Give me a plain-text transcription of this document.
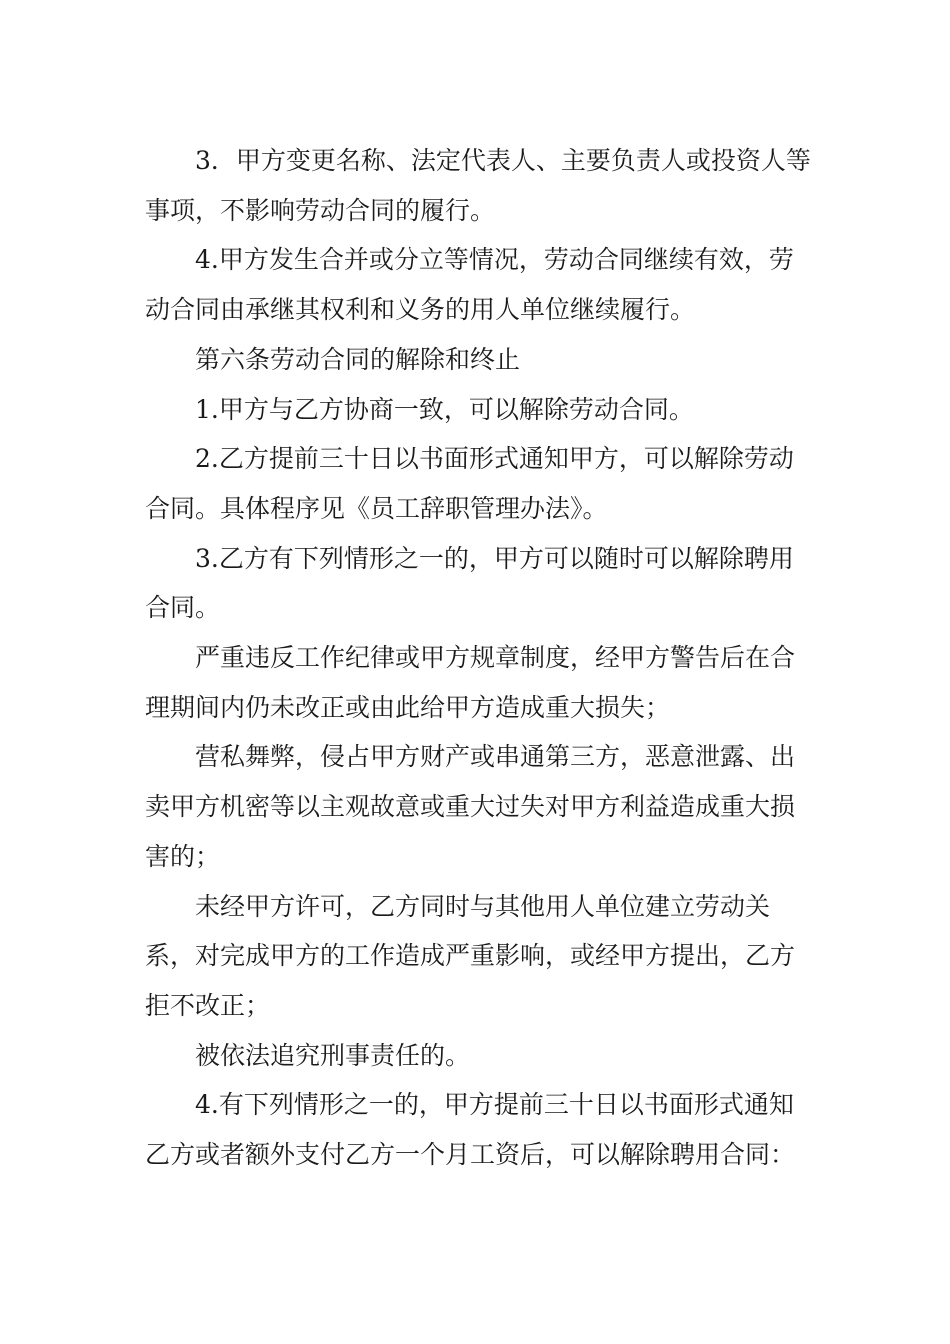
3．甲方变更名称、法定代表人、主要负责人或投资人等事项，不影响劳动合同的履行。

4.甲方发生合并或分立等情况，劳动合同继续有效，劳动合同由承继其权利和义务的用人单位继续履行。

第六条劳动合同的解除和终止

1.甲方与乙方协商一致，可以解除劳动合同。

2.乙方提前三十日以书面形式通知甲方，可以解除劳动合同。具体程序见《员工辞职管理办法》。

3.乙方有下列情形之一的，甲方可以随时可以解除聘用合同。

严重违反工作纪律或甲方规章制度，经甲方警告后在合理期间内仍未改正或由此给甲方造成重大损失；

营私舞弊，侵占甲方财产或串通第三方，恶意泄露、出卖甲方机密等以主观故意或重大过失对甲方利益造成重大损害的；

未经甲方许可，乙方同时与其他用人单位建立劳动关系，对完成甲方的工作造成严重影响，或经甲方提出，乙方拒不改正；

被依法追究刑事责任的。

4.有下列情形之一的，甲方提前三十日以书面形式通知乙方或者额外支付乙方一个月工资后，可以解除聘用合同：
